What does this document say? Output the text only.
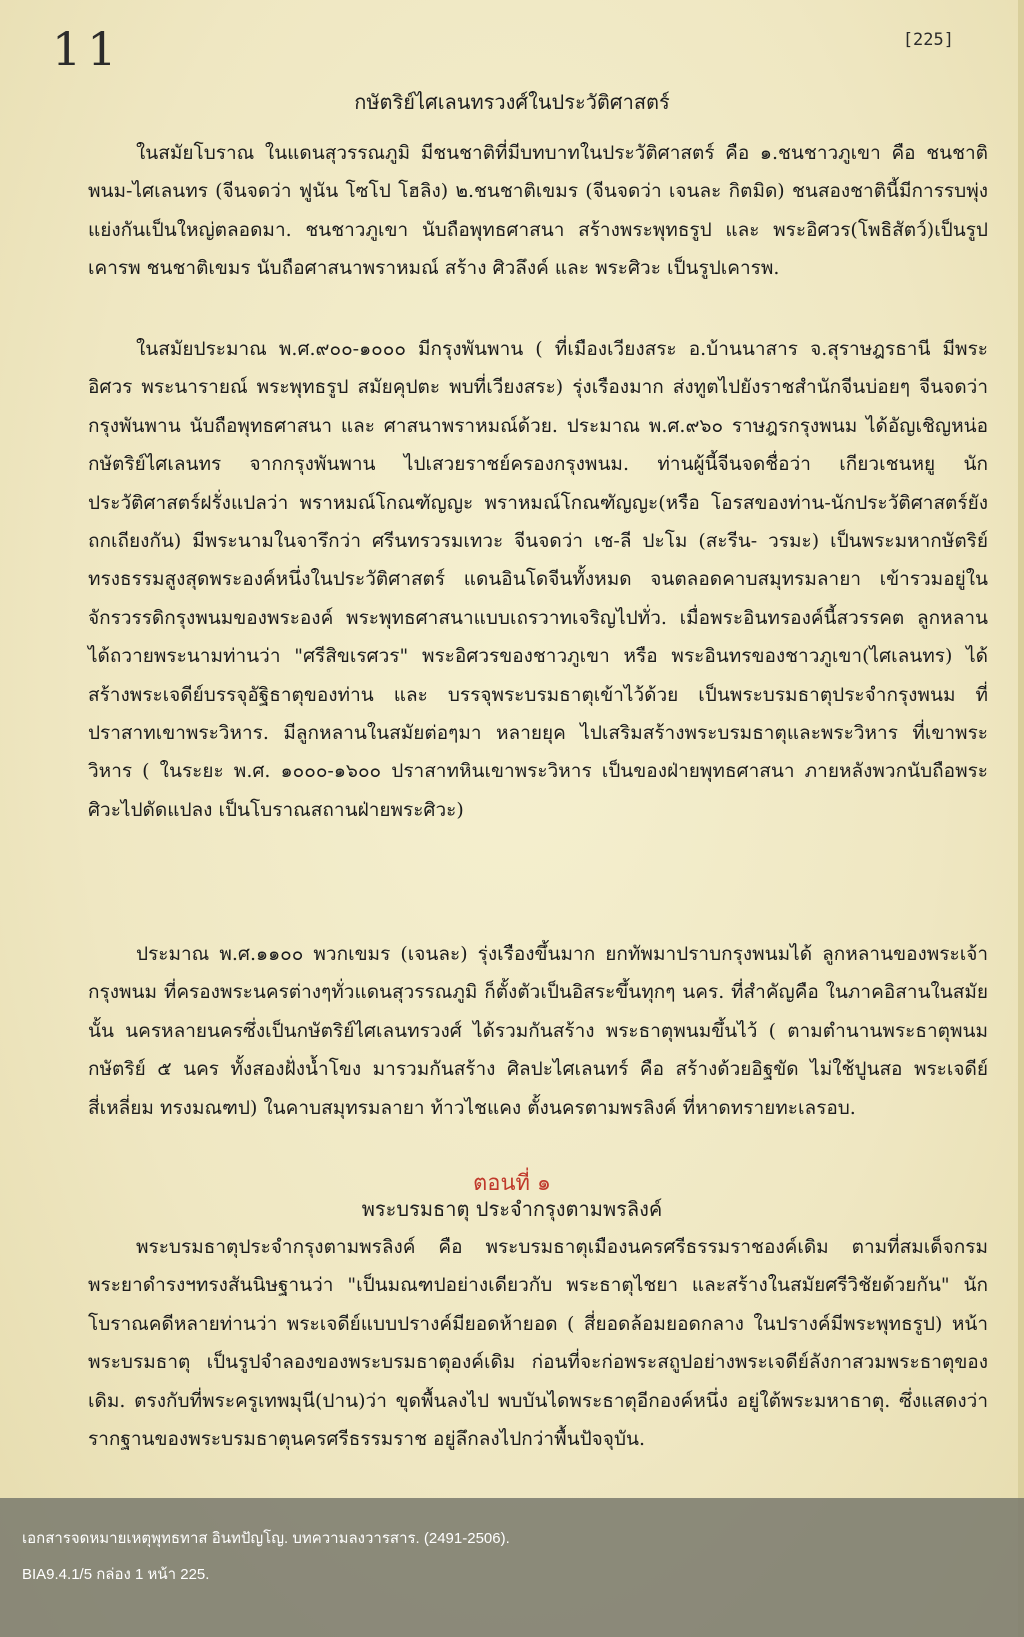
11	[225]
กษัตริย์ไศเลนทรวงศ์ในประวัติศาสตร์

ในสมัยโบราณ ในแดนสุวรรณภูมิ มีชนชาติที่มีบทบาทในประวัติศาสตร์ คือ ๑.ชนชาวภูเขา คือ ชนชาติ พนม-ไศเลนทร (จีนจดว่า ฟูนัน โซโป โฮลิง) ๒.ชนชาติเขมร (จีนจดว่า เจนละ กิตมิด) ชนสองชาตินี้มีการรบพุ่งแย่งกันเป็นใหญ่ตลอดมา. ชนชาวภูเขา นับถือพุทธศาสนา สร้างพระพุทธรูป และ พระอิศวร(โพธิสัตว์)เป็นรูปเคารพ ชนชาติเขมร นับถือศาสนาพราหมณ์ สร้าง ศิวลึงค์ และ พระศิวะ เป็นรูปเคารพ.

ในสมัยประมาณ พ.ศ.๙๐๐-๑๐๐๐ มีกรุงพันพาน ( ที่เมืองเวียงสระ อ.บ้านนาสาร จ.สุราษฎรธานี มีพระอิศวร พระนารายณ์ พระพุทธรูป สมัยคุปตะ พบที่เวียงสระ) รุ่งเรืองมาก ส่งทูตไปยังราชสำนักจีนบ่อยๆ จีนจดว่า กรุงพันพาน นับถือพุทธศาสนา และ ศาสนาพราหมณ์ด้วย. ประมาณ พ.ศ.๙๖๐ ราษฎรกรุงพนม ได้อัญเชิญหน่อกษัตริย์ไศเลนทร จากกรุงพันพาน ไปเสวยราชย์ครองกรุงพนม. ท่านผู้นี้จีนจดชื่อว่า เกียวเชนหยู นักประวัติศาสตร์ฝรั่งแปลว่า พราหมณ์โกณฑัญญะ พราหมณ์โกณฑัญญะ(หรือ โอรสของท่าน-นักประวัติศาสตร์ยังถกเถียงกัน) มีพระนามในจารึกว่า ศรีนทรวรมเทวะ จีนจดว่า เช-ลี ปะโม (สะรีน- วรมะ) เป็นพระมหากษัตริย์ทรงธรรมสูงสุดพระองค์หนึ่งในประวัติศาสตร์ แดนอินโดจีนทั้งหมด จนตลอดคาบสมุทรมลายา เข้ารวมอยู่ในจักรวรรดิกรุงพนมของพระองค์ พระพุทธศาสนาแบบเถรวาทเจริญไปทั่ว. เมื่อพระอินทรองค์นี้สวรรคต ลูกหลานได้ถวายพระนามท่านว่า "ศรีสิขเรศวร" พระอิศวรของชาวภูเขา หรือ พระอินทรของชาวภูเขา(ไศเลนทร) ได้สร้างพระเจดีย์บรรจุอัฐิธาตุของท่าน และ บรรจุพระบรมธาตุเข้าไว้ด้วย เป็นพระบรมธาตุประจำกรุงพนม ที่ปราสาทเขาพระวิหาร. มีลูกหลานในสมัยต่อๆมา หลายยุค ไปเสริมสร้างพระบรมธาตุและพระวิหาร ที่เขาพระวิหาร ( ในระยะ พ.ศ. ๑๐๐๐-๑๖๐๐ ปราสาทหินเขาพระวิหาร เป็นของฝ่ายพุทธศาสนา ภายหลังพวกนับถือพระศิวะไปดัดแปลง เป็นโบราณสถานฝ่ายพระศิวะ)

ประมาณ พ.ศ.๑๑๐๐ พวกเขมร (เจนละ) รุ่งเรืองขึ้นมาก ยกทัพมาปราบกรุงพนมได้ ลูกหลานของพระเจ้ากรุงพนม ที่ครองพระนครต่างๆทั่วแดนสุวรรณภูมิ ก็ตั้งตัวเป็นอิสระขึ้นทุกๆ นคร. ที่สำคัญคือ ในภาคอิสานในสมัยนั้น นครหลายนครซึ่งเป็นกษัตริย์ไศเลนทรวงศ์ ได้รวมกันสร้าง พระธาตุพนมขึ้นไว้ ( ตามตำนานพระธาตุพนม กษัตริย์ ๕ นคร ทั้งสองฝั่งน้ำโขง มารวมกันสร้าง ศิลปะไศเลนทร์ คือ สร้างด้วยอิฐขัด ไม่ใช้ปูนสอ พระเจดีย์สี่เหลี่ยม ทรงมณฑป) ในคาบสมุทรมลายา ท้าวไชแคง ตั้งนครตามพรลิงค์ ที่หาดทรายทะเลรอบ.

ตอนที่ ๑
พระบรมธาตุ ประจำกรุงตามพรลิงค์

พระบรมธาตุประจำกรุงตามพรลิงค์ คือ พระบรมธาตุเมืองนครศรีธรรมราชองค์เดิม ตามที่สมเด็จกรมพระยาดำรงฯทรงสันนิษฐานว่า "เป็นมณฑปอย่างเดียวกับ พระธาตุไชยา และสร้างในสมัยศรีวิชัยด้วยกัน" นักโบราณคดีหลายท่านว่า พระเจดีย์แบบปรางค์มียอดห้ายอด ( สี่ยอดล้อมยอดกลาง ในปรางค์มีพระพุทธรูป) หน้าพระบรมธาตุ เป็นรูปจำลองของพระบรมธาตุองค์เดิม ก่อนที่จะก่อพระสถูปอย่างพระเจดีย์ลังกาสวมพระธาตุของเดิม. ตรงกับที่พระครูเทพมุนี(ปาน)ว่า ขุดพื้นลงไป พบบันไดพระธาตุอีกองค์หนึ่ง อยู่ใต้พระมหาธาตุ. ซึ่งแสดงว่า รากฐานของพระบรมธาตุนครศรีธรรมราช อยู่ลึกลงไปกว่าพื้นปัจจุบัน.

เอกสารจดหมายเหตุพุทธทาส อินทปัญโญ. บทความลงวารสาร. (2491-2506).
BIA9.4.1/5 กล่อง 1 หน้า 225.
